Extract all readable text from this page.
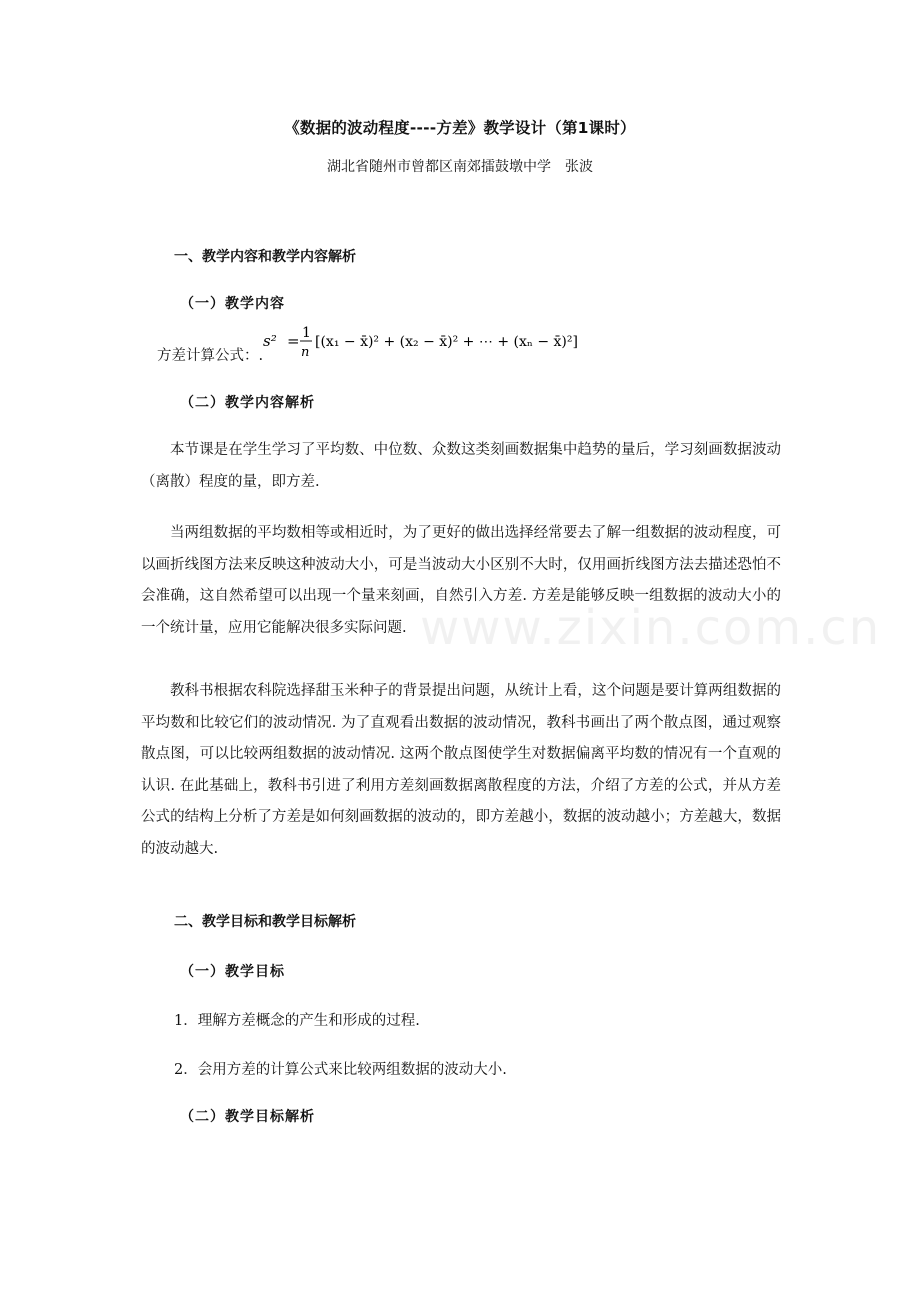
www.zixin.com.cn
《数据的波动程度----方差》教学设计（第1课时）
湖北省随州市曾都区南郊擂鼓墩中学　张波
一、教学内容和教学内容解析
（一）教学内容
方差计算公式：.
s² = 1
n
[(x₁ − x̄)² + (x₂ − x̄)² + ⋯ + (xₙ − x̄)²]
（二）教学内容解析
本节课是在学生学习了平均数、中位数、众数这类刻画数据集中趋势的量后，学习刻画数据波动（离散）程度的量，即方差.
当两组数据的平均数相等或相近时，为了更好的做出选择经常要去了解一组数据的波动程度，可以画折线图方法来反映这种波动大小，可是当波动大小区别不大时，仅用画折线图方法去描述恐怕不会准确，这自然希望可以出现一个量来刻画，自然引入方差. 方差是能够反映一组数据的波动大小的一个统计量，应用它能解决很多实际问题.
教科书根据农科院选择甜玉米种子的背景提出问题，从统计上看，这个问题是要计算两组数据的平均数和比较它们的波动情况. 为了直观看出数据的波动情况，教科书画出了两个散点图，通过观察散点图，可以比较两组数据的波动情况. 这两个散点图使学生对数据偏离平均数的情况有一个直观的认识. 在此基础上，教科书引进了利用方差刻画数据离散程度的方法，介绍了方差的公式，并从方差公式的结构上分析了方差是如何刻画数据的波动的，即方差越小，数据的波动越小；方差越大，数据的波动越大.
二、教学目标和教学目标解析
（一）教学目标
1．理解方差概念的产生和形成的过程.
2．会用方差的计算公式来比较两组数据的波动大小.
（二）教学目标解析
